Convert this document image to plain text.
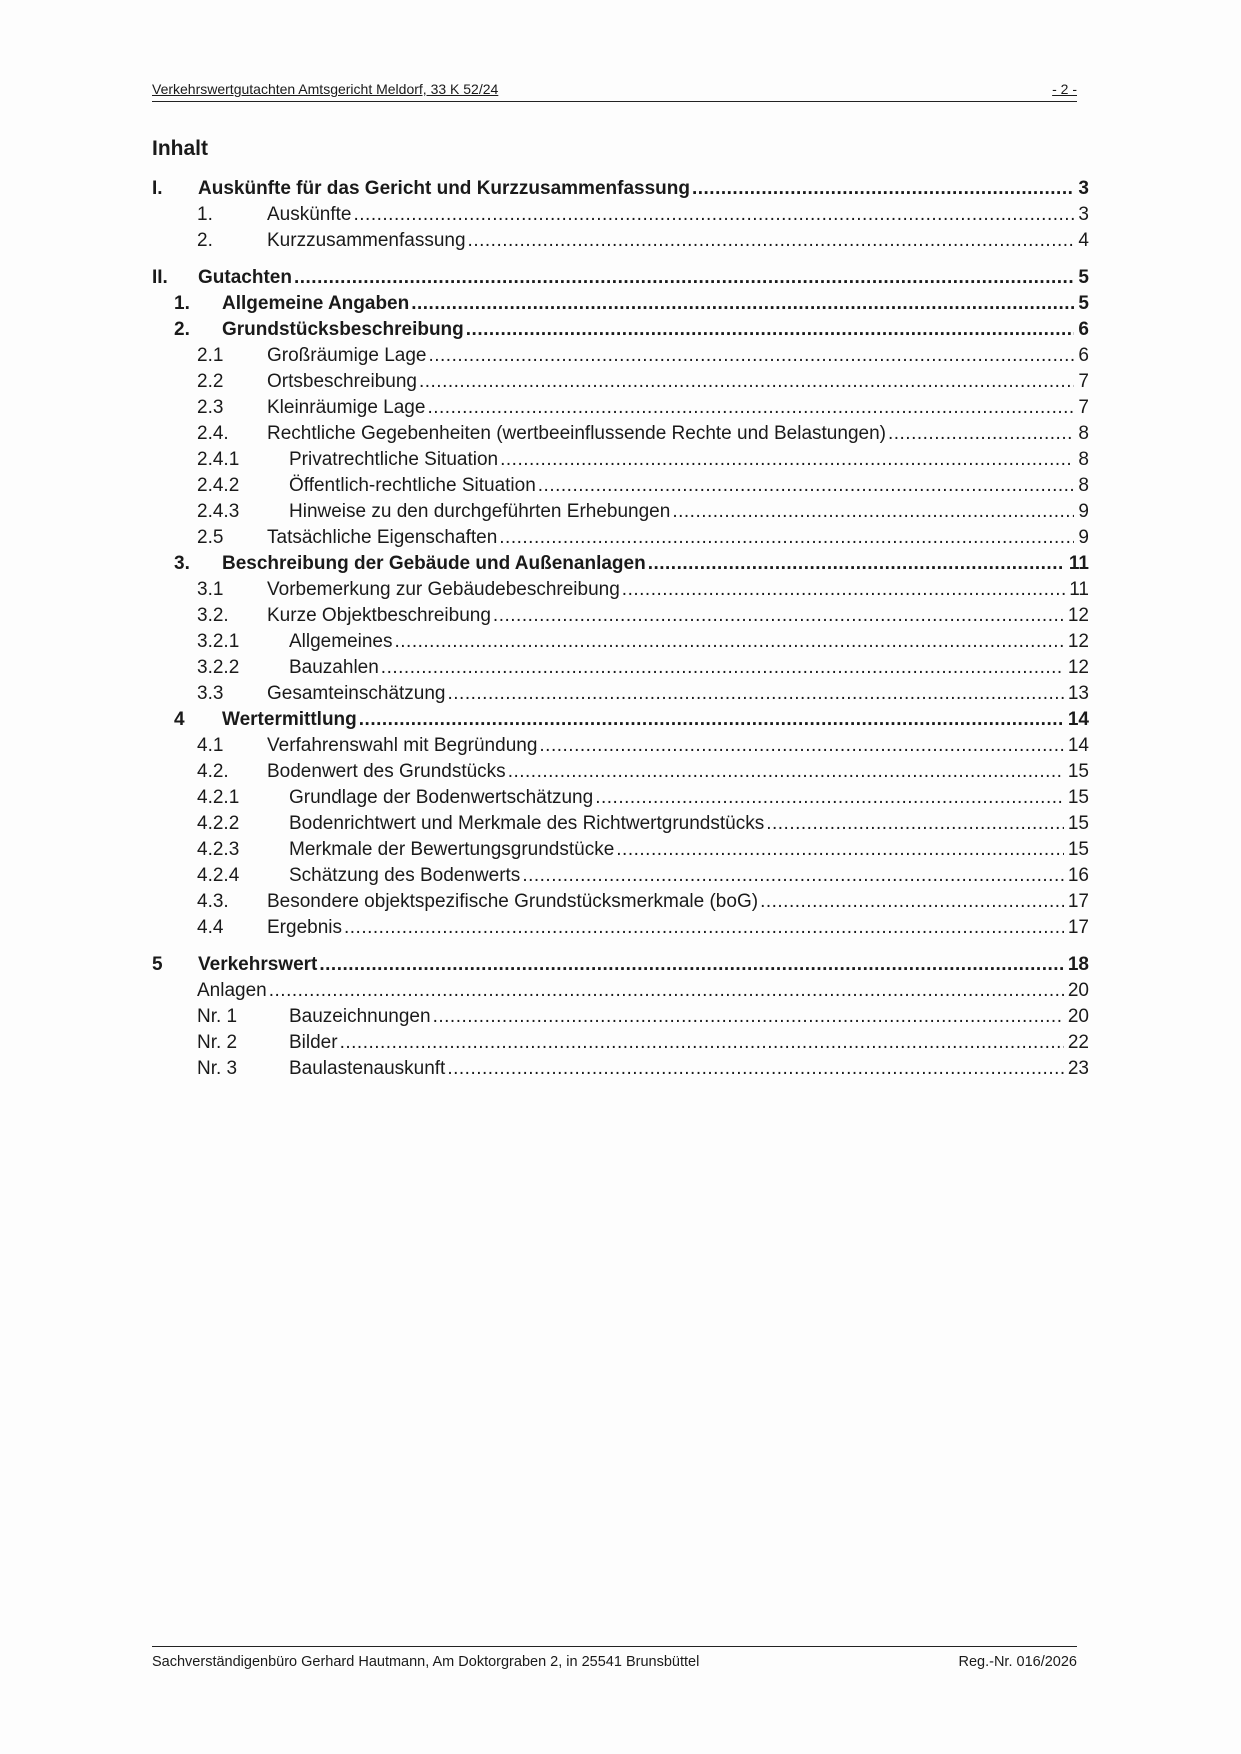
Verkehrswertgutachten Amtsgericht Meldorf, 33 K 52/24	- 2 -
Inhalt
I. Auskünfte für das Gericht und Kurzzusammenfassung .....	3
1.	Auskünfte .....	3
2.	Kurzzusammenfassung .....	4
II. Gutachten .....	5
1. Allgemeine Angaben .....	5
2. Grundstücksbeschreibung .....	6
2.1 Großräumige Lage .....	6
2.2 Ortsbeschreibung .....	7
2.3 Kleinräumige Lage .....	7
2.4. Rechtliche Gegebenheiten (wertbeeinflussende Rechte und Belastungen) .....	8
2.4.1	Privatrechtliche Situation .....	8
2.4.2	Öffentlich-rechtliche Situation .....	8
2.4.3	Hinweise zu den durchgeführten Erhebungen .....	9
2.5 Tatsächliche Eigenschaften .....	9
3. Beschreibung der Gebäude und Außenanlagen .....	11
3.1 Vorbemerkung zur Gebäudebeschreibung .....	11
3.2. Kurze Objektbeschreibung .....	12
3.2.1	Allgemeines .....	12
3.2.2	Bauzahlen .....	12
3.3 Gesamteinschätzung .....	13
4 Wertermittlung .....	14
4.1 Verfahrenswahl mit Begründung .....	14
4.2. Bodenwert des Grundstücks .....	15
4.2.1	Grundlage der Bodenwertschätzung .....	15
4.2.2	Bodenrichtwert und Merkmale des Richtwertgrundstücks .....	15
4.2.3	Merkmale der Bewertungsgrundstücke .....	15
4.2.4	Schätzung des Bodenwerts .....	16
4.3. Besondere objektspezifische Grundstücksmerkmale (boG) .....	17
4.4 Ergebnis .....	17
5 Verkehrswert .....	18
Anlagen .....	20
Nr. 1	Bauzeichnungen .....	20
Nr. 2	Bilder .....	22
Nr. 3	Baulastenauskunft .....	23
Sachverständigenbüro Gerhard Hautmann, Am Doktorgraben 2, in 25541 Brunsbüttel	Reg.-Nr. 016/2026
